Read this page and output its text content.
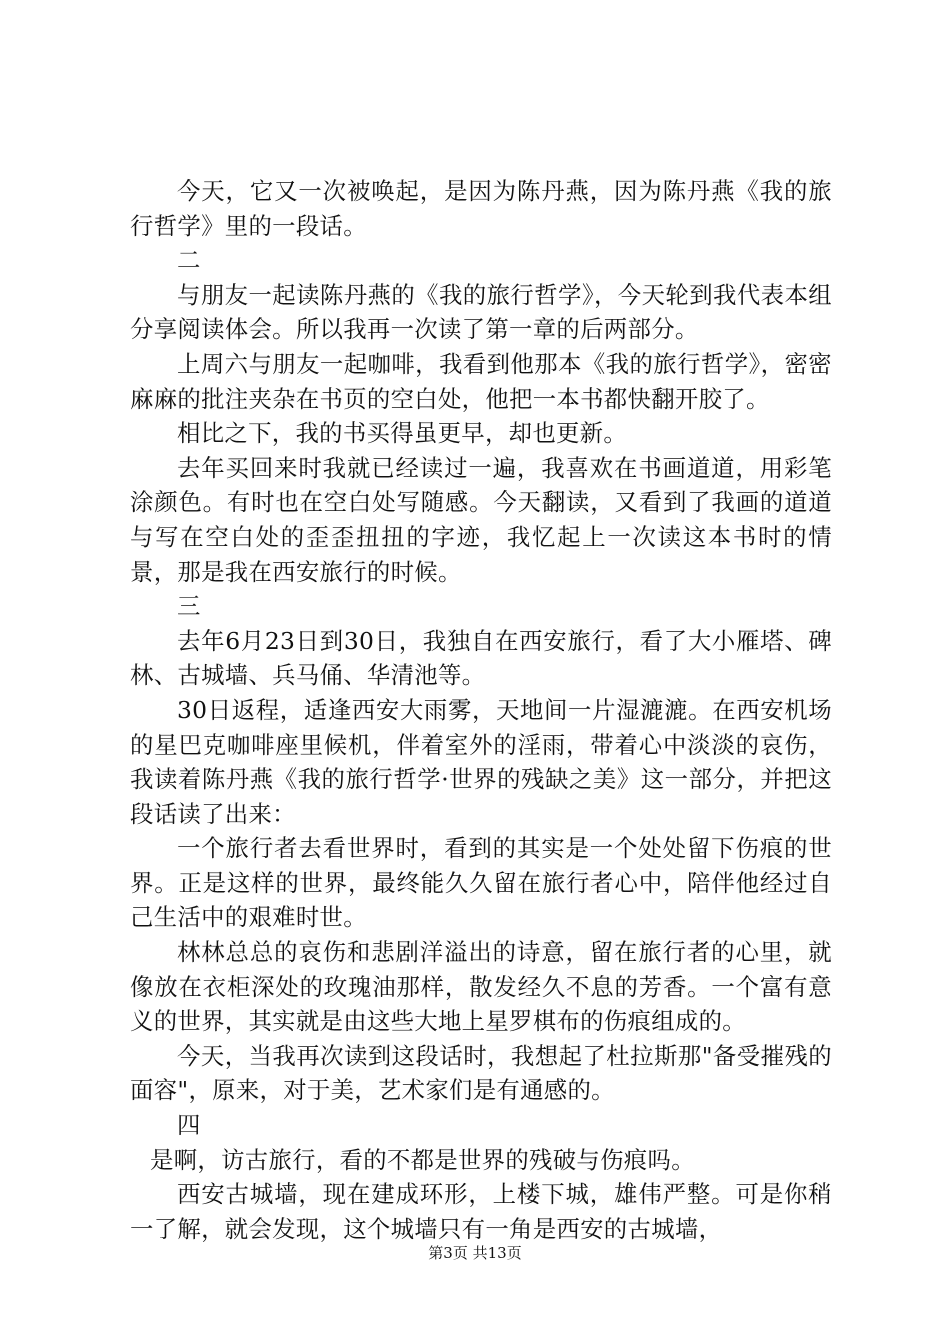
今天，它又一次被唤起，是因为陈丹燕，因为陈丹燕《我的旅行哲学》里的一段话。

二

与朋友一起读陈丹燕的《我的旅行哲学》，今天轮到我代表本组分享阅读体会。所以我再一次读了第一章的后两部分。

上周六与朋友一起咖啡，我看到他那本《我的旅行哲学》，密密麻麻的批注夹杂在书页的空白处，他把一本书都快翻开胶了。

相比之下，我的书买得虽更早，却也更新。

去年买回来时我就已经读过一遍，我喜欢在书画道道，用彩笔涂颜色。有时也在空白处写随感。今天翻读，又看到了我画的道道与写在空白处的歪歪扭扭的字迹，我忆起上一次读这本书时的情景，那是我在西安旅行的时候。

三

去年6月23日到30日，我独自在西安旅行，看了大小雁塔、碑林、古城墙、兵马俑、华清池等。

30日返程，适逢西安大雨雾，天地间一片湿漉漉。在西安机场的星巴克咖啡座里候机，伴着室外的淫雨，带着心中淡淡的哀伤，我读着陈丹燕《我的旅行哲学·世界的残缺之美》这一部分，并把这段话读了出来：

一个旅行者去看世界时，看到的其实是一个处处留下伤痕的世界。正是这样的世界，最终能久久留在旅行者心中，陪伴他经过自己生活中的艰难时世。

林林总总的哀伤和悲剧洋溢出的诗意，留在旅行者的心里，就像放在衣柜深处的玫瑰油那样，散发经久不息的芳香。一个富有意义的世界，其实就是由这些大地上星罗棋布的伤痕组成的。

今天，当我再次读到这段话时，我想起了杜拉斯那"备受摧残的面容"，原来，对于美，艺术家们是有通感的。

四

是啊，访古旅行，看的不都是世界的残破与伤痕吗。

西安古城墙，现在建成环形，上楼下城，雄伟严整。可是你稍一了解，就会发现，这个城墙只有一角是西安的古城墙，

第3页 共13页
